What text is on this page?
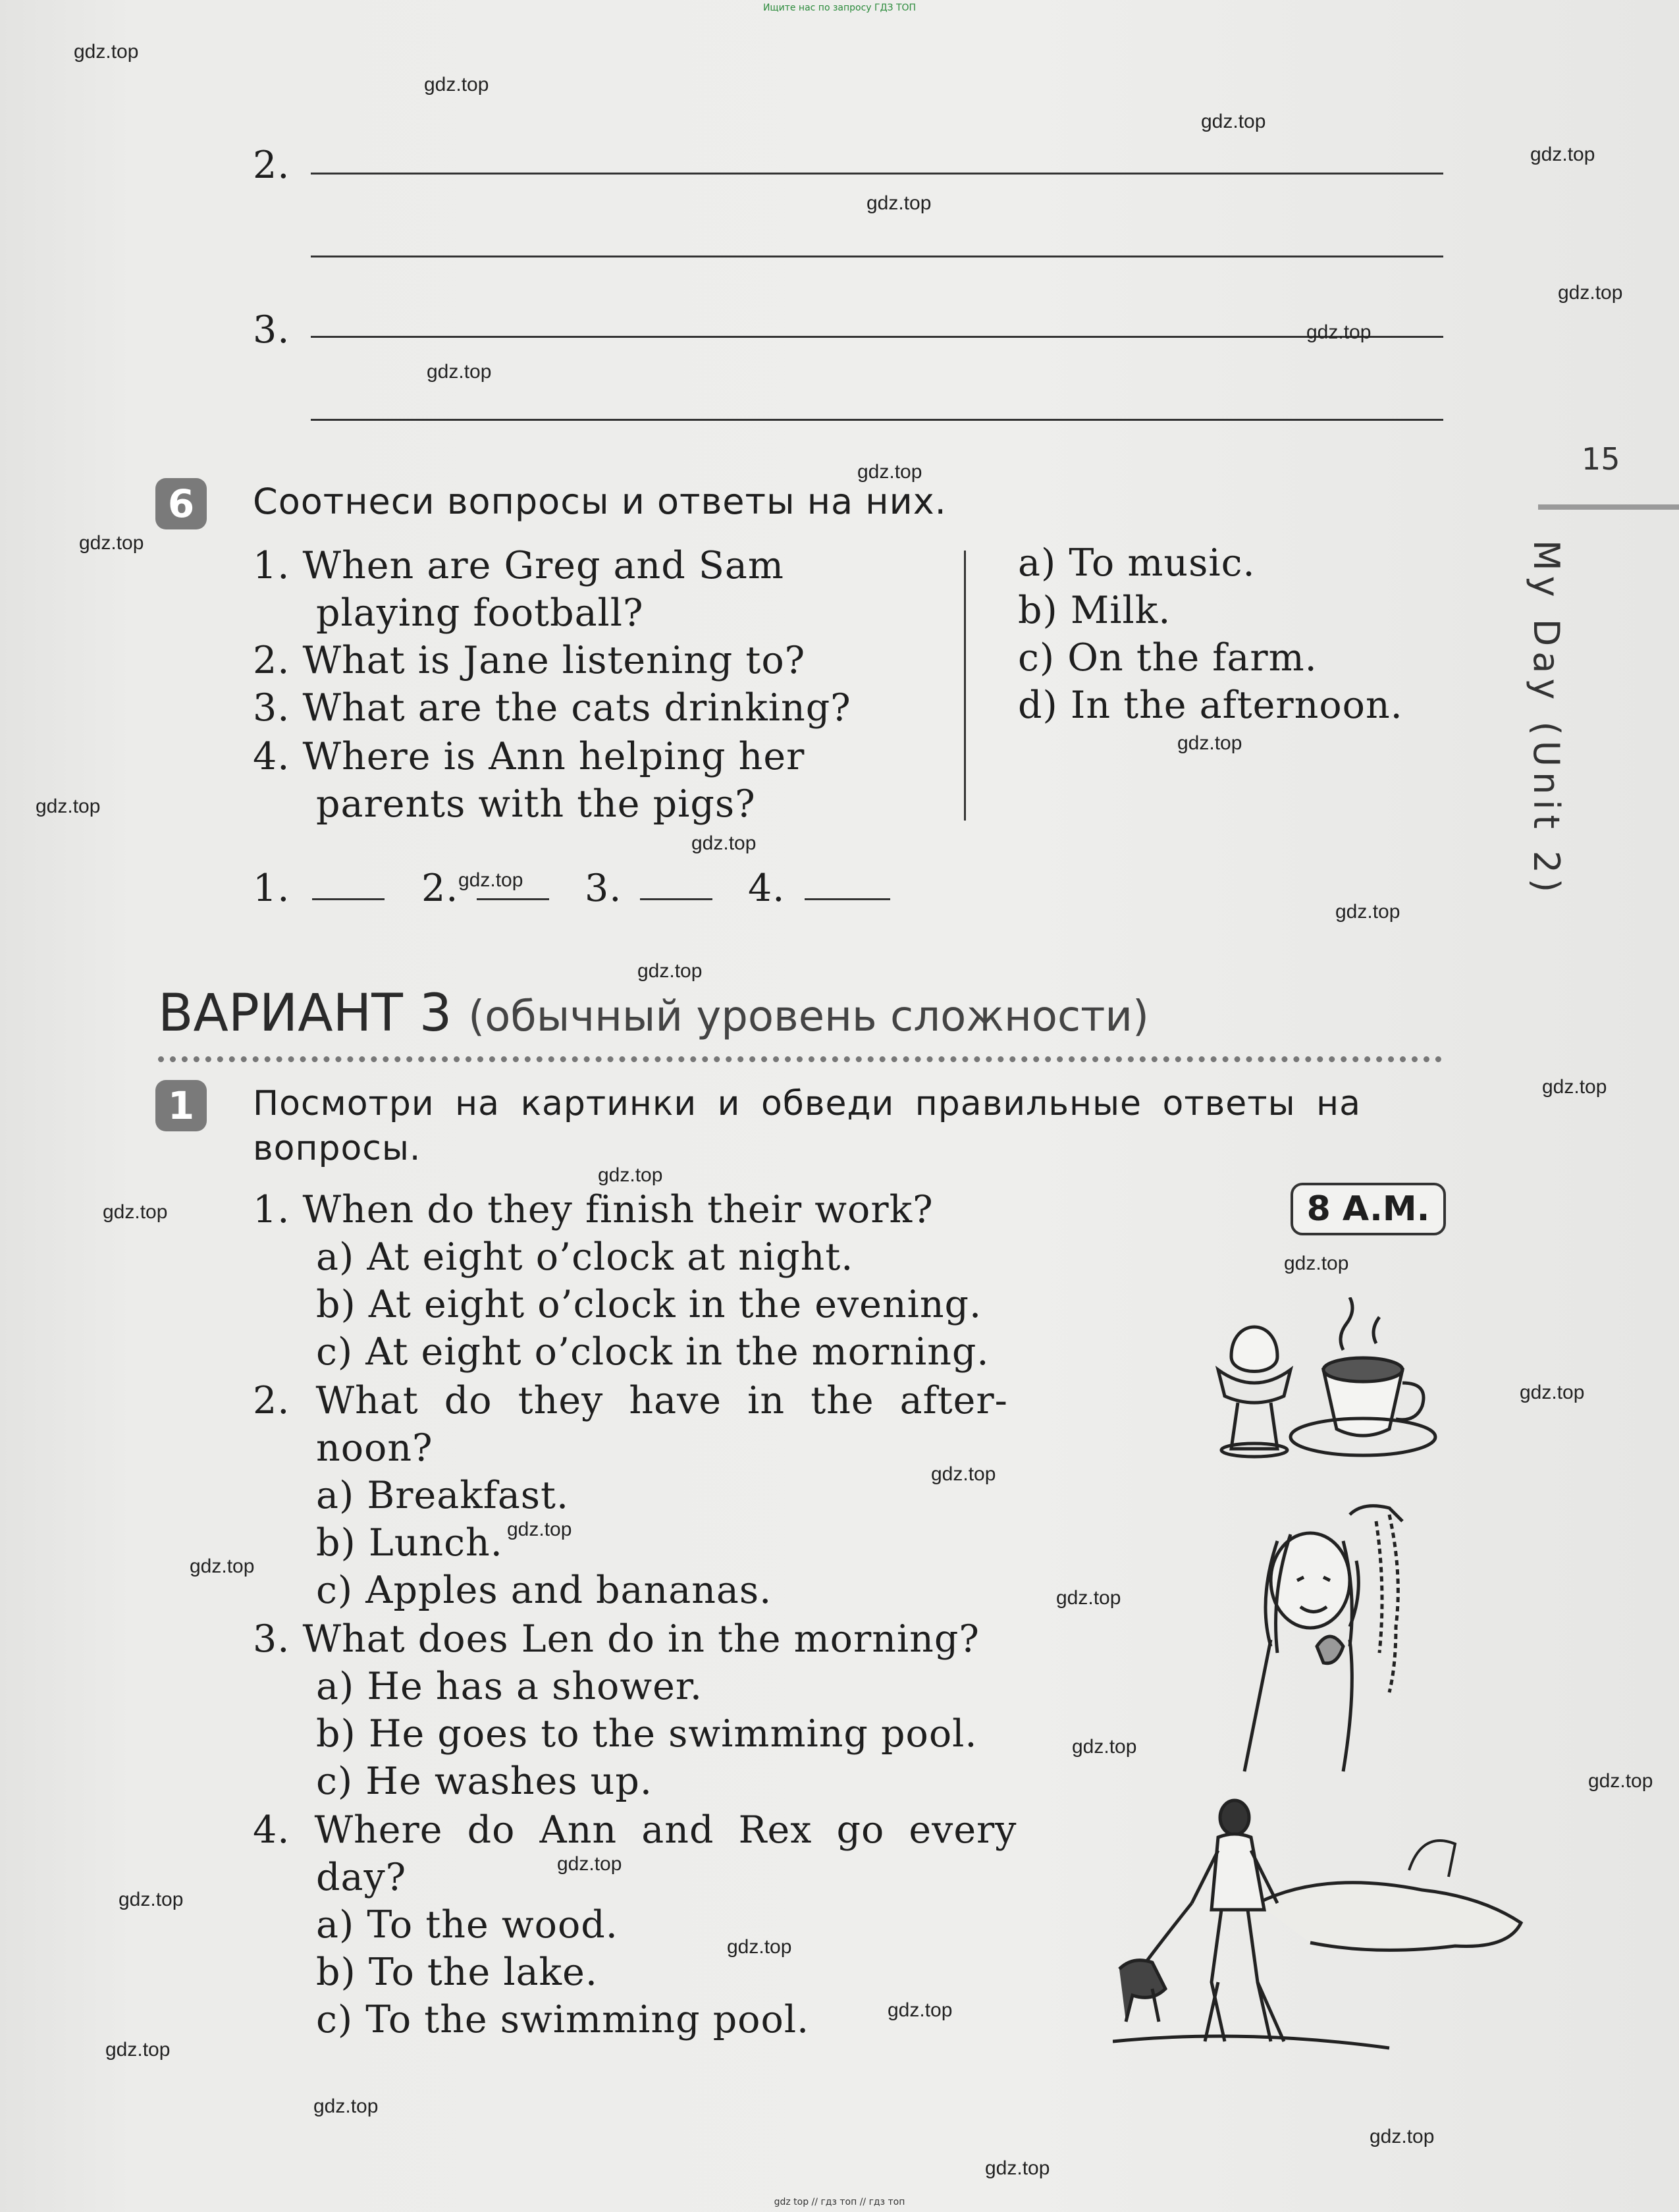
Ищите нас по запросу ГДЗ ТОП
2.
3.
15
My Day (Unit 2)
6	Соотнеси вопросы и ответы на них.
1. When are Greg and Sam
playing football?
2. What is Jane listening to?
3. What are the cats drinking?
4. Where is Ann helping her
parents with the pigs?
a) To music.
b) Milk.
c) On the farm.
d) In the afternoon.
1.	2.	3.	4.
ВАРИАНТ 3 (обычный уровень сложности)
1	Посмотри на картинки и обведи правильные ответы на
вопросы.
8 A.M.
1. When do they finish their work?
a) At eight o’clock at night.
b) At eight o’clock in the evening.
c) At eight o’clock in the morning.
2. What do they have in the after-
noon?
a) Breakfast.
b) Lunch.
c) Apples and bananas.
3. What does Len do in the morning?
a) He has a shower.
b) He goes to the swimming pool.
c) He washes up.
4. Where do Ann and Rex go every
day?
a) To the wood.
b) To the lake.
c) To the swimming pool.
gdz.top
gdz.top
gdz.top
gdz.top
gdz.top
gdz.top
gdz.top
gdz.top
gdz.top
gdz.top
gdz.top
gdz.top
gdz.top
gdz.top
gdz.top
gdz.top
gdz.top
gdz.top
gdz.top
gdz.top
gdz.top
gdz.top
gdz.top
gdz.top
gdz.top
gdz.top
gdz.top
gdz.top
gdz.top
gdz.top
gdz.top
gdz.top
gdz.top
gdz.top
gdz.top
gdz top // гдз топ // гдз топ
